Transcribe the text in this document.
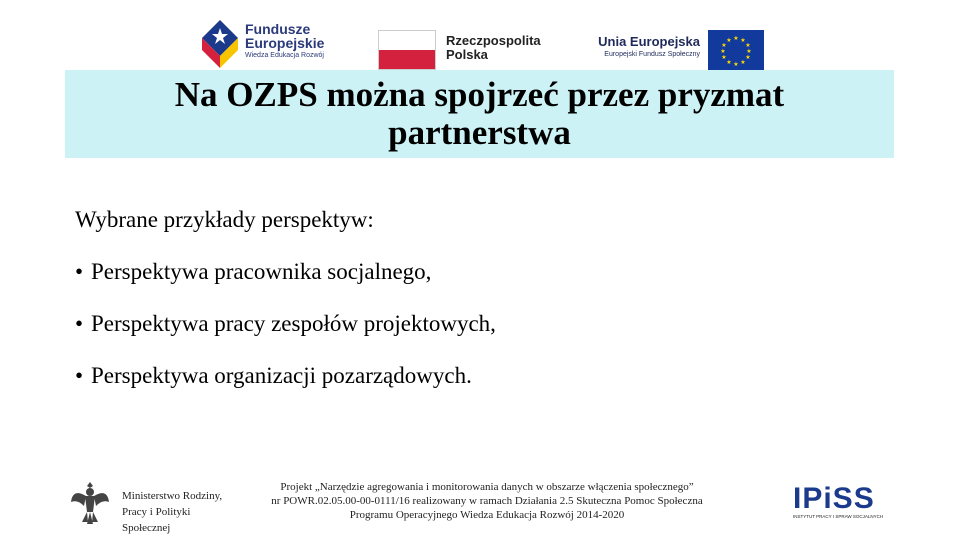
Fundusze
Europejskie
Wiedza Edukacja Rozwój
Rzeczpospolita
Polska
Unia Europejska
Europejski Fundusz Społeczny
★ ★
★
★
★
★
★
★
★
★
★
★
Na OZPS można spojrzeć przez pryzmat
partnerstwa

Wybrane przykłady perspektyw:

• Perspektywa pracownika socjalnego,
• Perspektywa pracy zespołów projektowych,
• Perspektywa organizacji pozarządowych.
Ministerstwo Rodziny,
Pracy i Polityki Społecznej
Projekt „Narzędzie agregowania i monitorowania danych w obszarze włączenia społecznego”
nr POWR.02.05.00-00-0111/16 realizowany w ramach Działania 2.5 Skuteczna Pomoc Społeczna
Programu Operacyjnego Wiedza Edukacja Rozwój 2014-2020	IPiSS
INSTYTUT PRACY I SPRAW SOCJALNYCH
